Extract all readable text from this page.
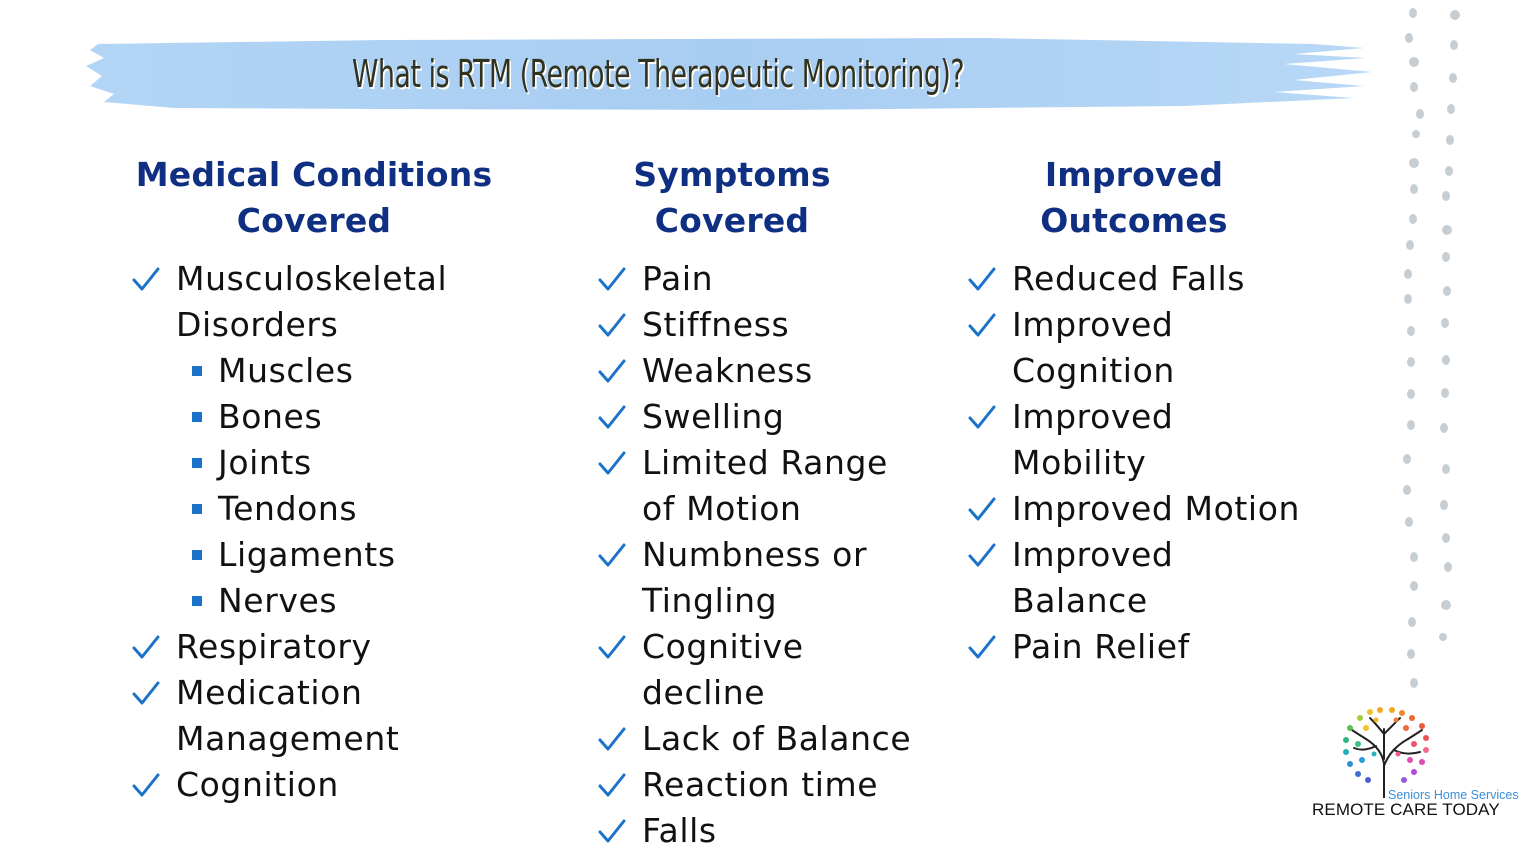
What is RTM (Remote Therapeutic Monitoring)?
Medical Conditions
Covered
Musculoskeletal Disorders
Muscles
Bones
Joints
Tendons
Ligaments
Nerves
Respiratory
Medication Management
Cognition
Symptoms
Covered
Pain
Stiffness
Weakness
Swelling
Limited Range of Motion
Numbness or Tingling
Cognitive decline
Lack of Balance
Reaction time
Falls
Improved
Outcomes
Reduced Falls
Improved Cognition
Improved Mobility
Improved Motion
Improved Balance
Pain Relief
Seniors Home Services
REMOTE CARE TODAY
